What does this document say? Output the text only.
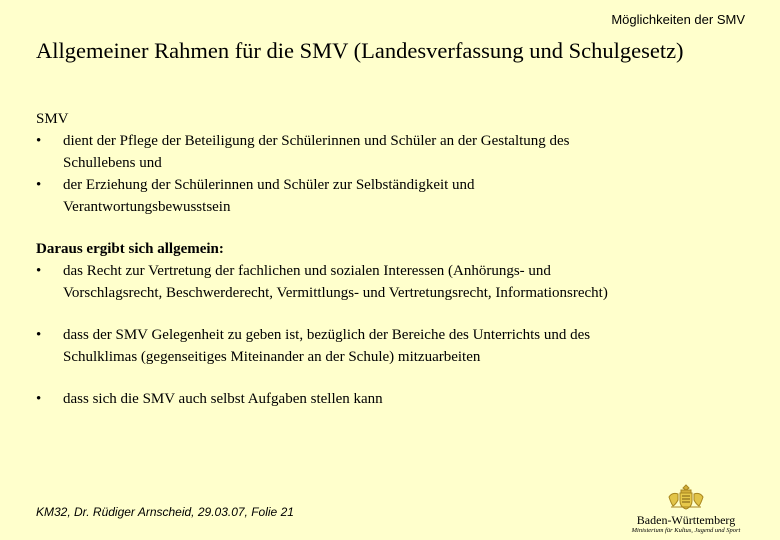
Möglichkeiten der SMV
Allgemeiner Rahmen für die SMV (Landesverfassung und Schulgesetz)
SMV
•	dient der Pflege der Beteiligung der Schülerinnen und Schüler an der Gestaltung des
Schullebens und
•	der Erziehung der Schülerinnen und Schüler zur Selbständigkeit und
Verantwortungsbewusstsein
Daraus ergibt sich allgemein:
•	das Recht zur Vertretung der fachlichen und sozialen Interessen (Anhörungs- und
Vorschlagsrecht, Beschwerderecht, Vermittlungs- und Vertretungsrecht, Informationsrecht)
•	dass der SMV Gelegenheit zu geben ist, bezüglich der Bereiche des Unterrichts und des
Schulklimas (gegenseitiges Miteinander an der Schule) mitzuarbeiten
•	dass sich die SMV auch selbst Aufgaben stellen kann
KM32, Dr. Rüdiger Arnscheid, 29.03.07, Folie 21
Baden-Württemberg
Ministerium für Kultus, Jugend und Sport
